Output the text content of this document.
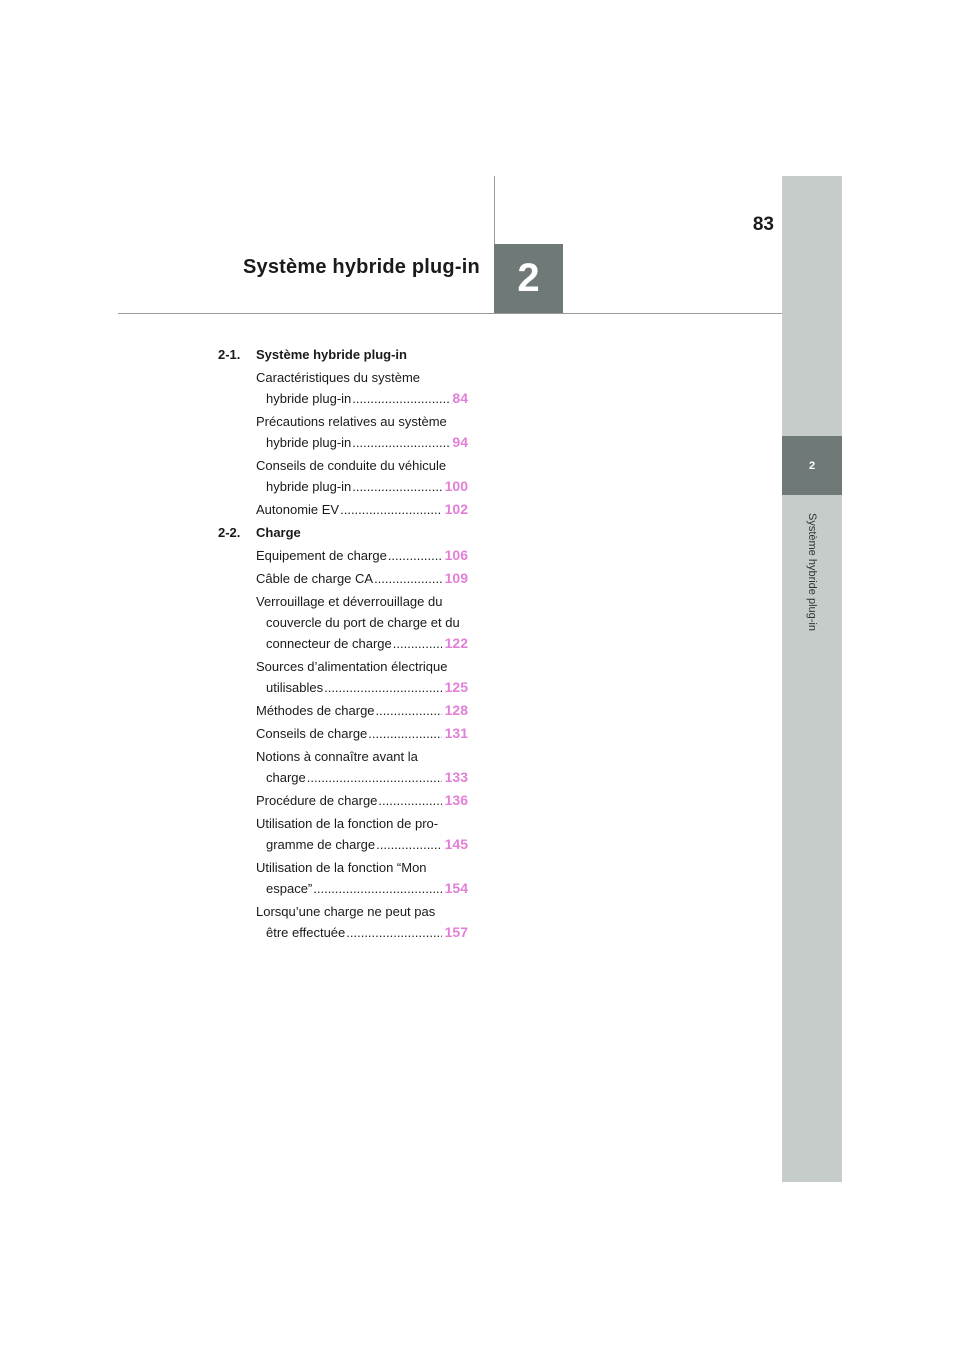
2
Système hybride plug-in
83
Système hybride plug-in 2
2-1.	Système hybride plug-in
Caractéristiques du système
hybride plug-in .....	84
Précautions relatives au système
hybride plug-in .....	94
Conseils de conduite du véhicule
hybride plug-in .....	100
Autonomie EV .....	102
2-2.	Charge
Equipement de charge .....	106
Câble de charge CA .....	109
Verrouillage et déverrouillage du
couvercle du port de charge et du
connecteur de charge .....	122
Sources d’alimentation électrique
utilisables .....	125
Méthodes de charge .....	128
Conseils de charge .....	131
Notions à connaître avant la
charge .....	133
Procédure de charge .....	136
Utilisation de la fonction de pro-
gramme de charge .....	145
Utilisation de la fonction “Mon
espace” .....	154
Lorsqu’une charge ne peut pas
être effectuée .....	157
